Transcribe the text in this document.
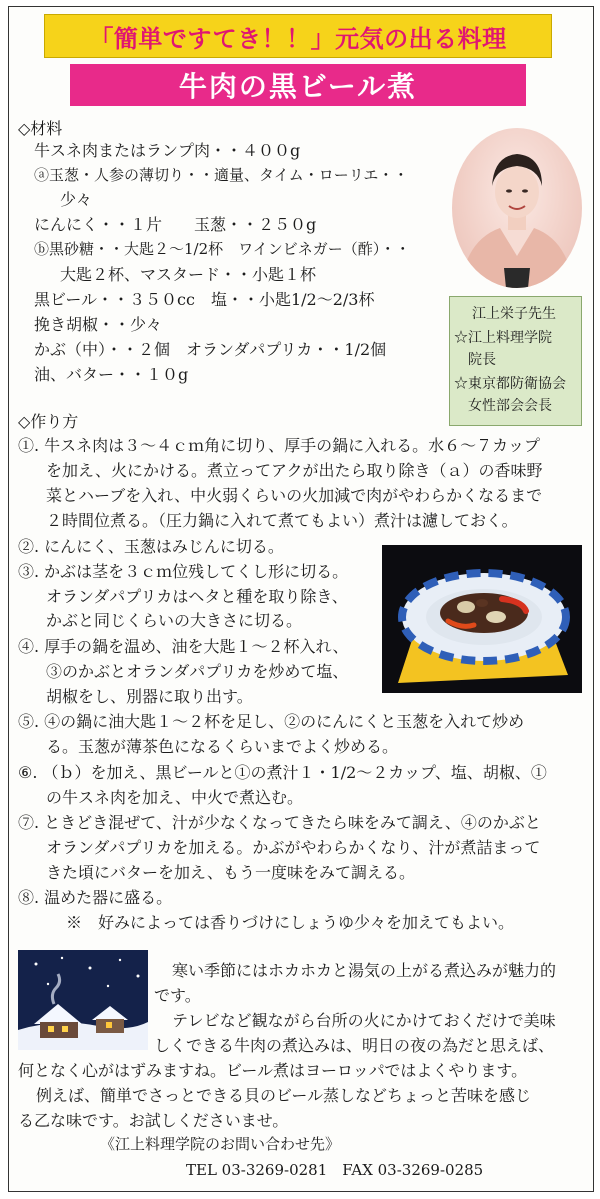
「簡単ですてき！！」元気の出る料理
牛肉の黒ビール煮
◇材料
牛スネ肉またはランプ肉・・４００g
ⓐ玉葱・人参の薄切り・・適量、タイム・ローリエ・・
少々
にんにく・・１片　　玉葱・・２５０g
ⓑ黒砂糖・・大匙２～1/2杯　ワインビネガー（酢）・・
大匙２杯、マスタード・・小匙１杯
黒ビール・・３５０cc　塩・・小匙1/2～2/3杯
挽き胡椒・・少々
かぶ（中）・・２個　オランダパプリカ・・1/2個
油、バター・・１０g
江上栄子先生
☆江上料理学院
院長
☆東京都防衛協会
女性部会会長
◇作り方
①. 牛スネ肉は３～４ｃｍ角に切り、厚手の鍋に入れる。水６～７カップ
を加え、火にかける。煮立ってアクが出たら取り除き（ａ）の香味野
菜とハーブを入れ、中火弱くらいの火加減で肉がやわらかくなるまで
２時間位煮る。（圧力鍋に入れて煮てもよい）煮汁は濾しておく。
②. にんにく、玉葱はみじんに切る。
③. かぶは茎を３ｃｍ位残してくし形に切る。
オランダパプリカはヘタと種を取り除き、
かぶと同じくらいの大きさに切る。
④. 厚手の鍋を温め、油を大匙１～２杯入れ、
③のかぶとオランダパプリカを炒めて塩、
胡椒をし、別器に取り出す。
⑤. ④の鍋に油大匙１～２杯を足し、②のにんにくと玉葱を入れて炒め
る。玉葱が薄茶色になるくらいまでよく炒める。
⑥. （ｂ）を加え、黒ビールと①の煮汁１・1/2～２カップ、塩、胡椒、①
の牛スネ肉を加え、中火で煮込む。
⑦. ときどき混ぜて、汁が少なくなってきたら味をみて調え、④のかぶと
オランダパプリカを加える。かぶがやわらかくなり、汁が煮詰まって
きた頃にバターを加え、もう一度味をみて調える。
⑧. 温めた器に盛る。
※　好みによっては香りづけにしょうゆ少々を加えてもよい。
寒い季節にはホカホカと湯気の上がる煮込みが魅力的
です。
テレビなど観ながら台所の火にかけておくだけで美味
しくできる牛肉の煮込みは、明日の夜の為だと思えば、
何となく心がはずみますね。ビール煮はヨーロッパではよくやります。
例えば、簡単でさっとできる貝のビール蒸しなどちょっと苦味を感じ
る乙な味です。お試しくださいませ。
《江上料理学院のお問い合わせ先》
TEL 03-3269-0281　FAX 03-3269-0285
